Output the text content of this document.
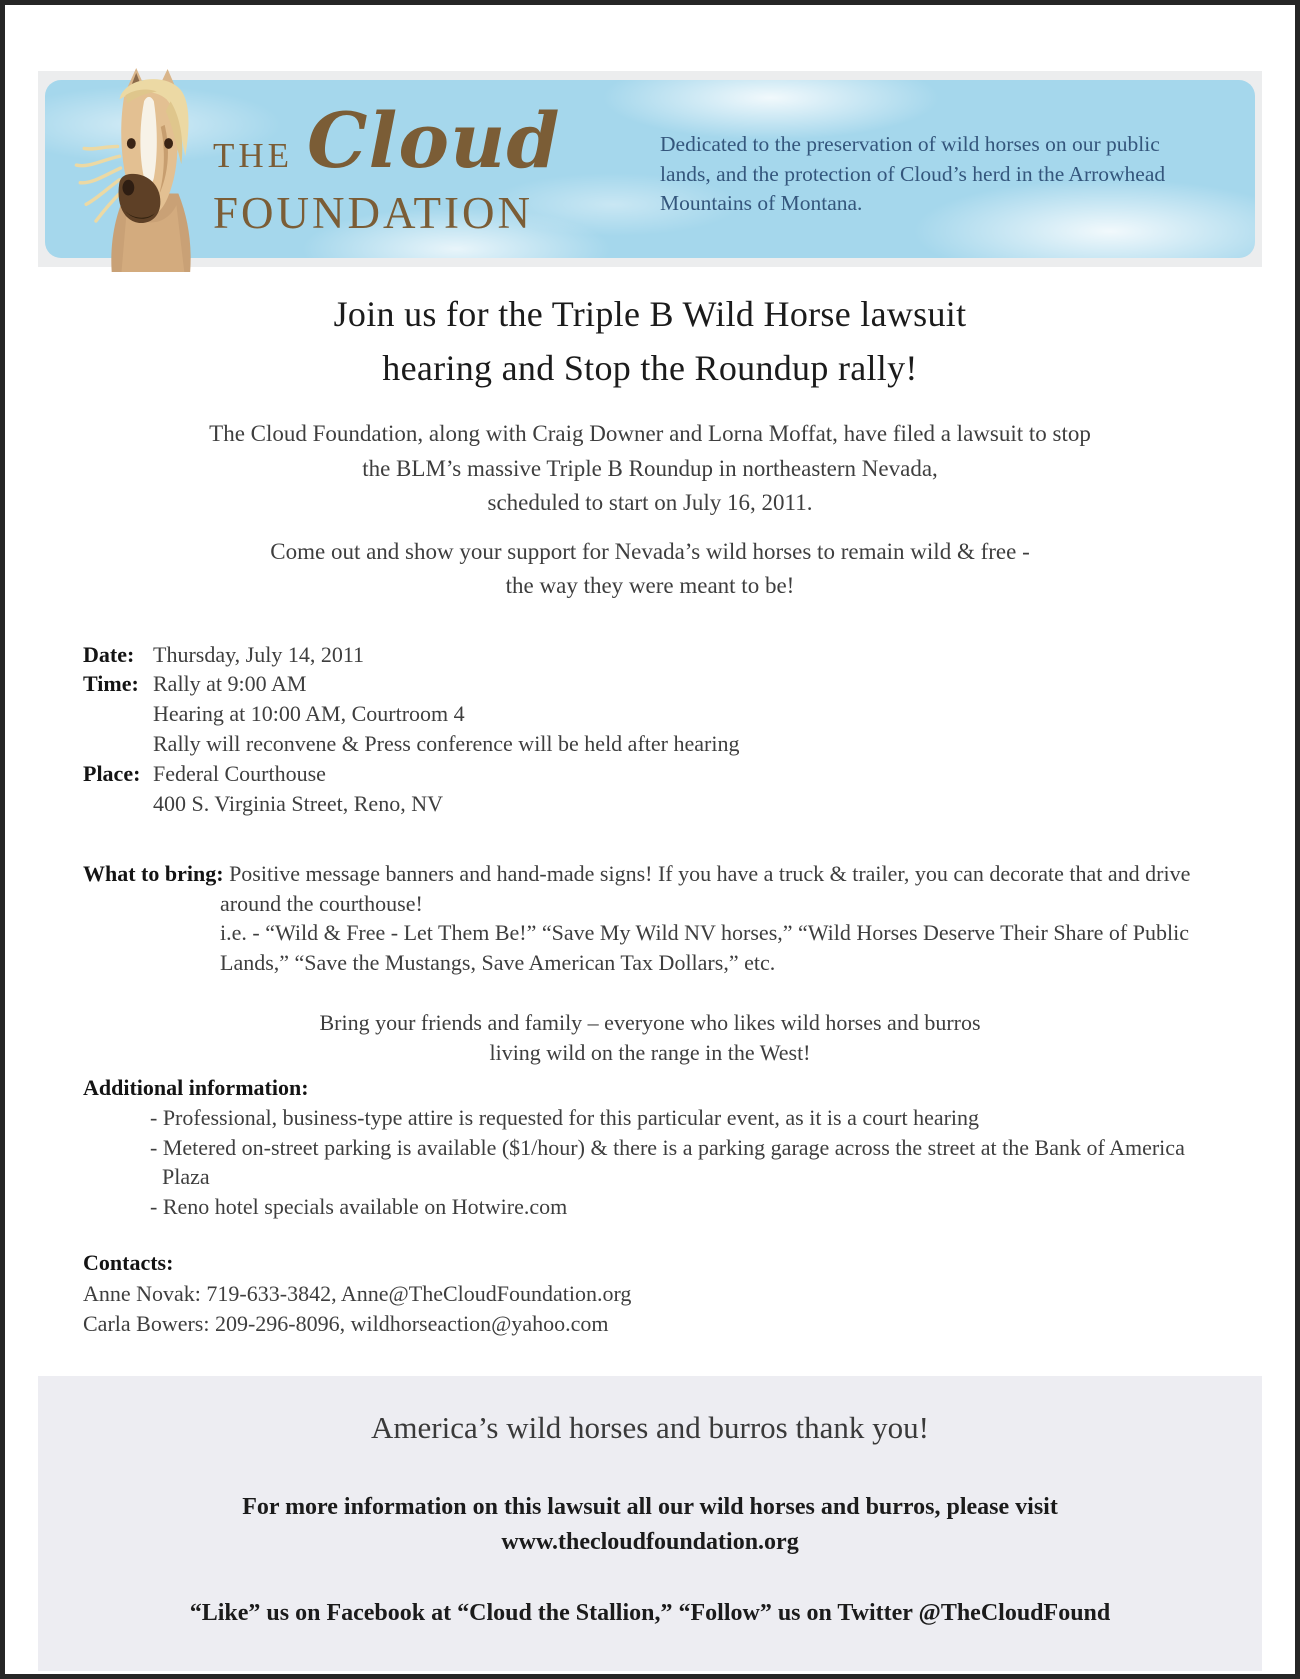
THE Cloud
FOUNDATION
Dedicated to the preservation of wild horses on our public lands, and the protection of Cloud’s herd in the Arrowhead Mountains of Montana.
Join us for the Triple B Wild Horse lawsuit
hearing and Stop the Roundup rally!
The Cloud Foundation, along with Craig Downer and Lorna Moffat, have filed a lawsuit to stop
the BLM’s massive Triple B Roundup in northeastern Nevada,
scheduled to start on July 16, 2011.
Come out and show your support for Nevada’s wild horses to remain wild & free -
the way they were meant to be!
Date: Thursday, July 14, 2011
Time: Rally at 9:00 AM
Hearing at 10:00 AM, Courtroom 4
Rally will reconvene & Press conference will be held after hearing
Place: Federal Courthouse
400 S. Virginia Street, Reno, NV
What to bring: Positive message banners and hand-made signs! If you have a truck & trailer, you can decorate that and drive around the courthouse!
i.e. - “Wild & Free - Let Them Be!” “Save My Wild NV horses,” “Wild Horses Deserve Their Share of Public Lands,” “Save the Mustangs, Save American Tax Dollars,” etc.
Bring your friends and family – everyone who likes wild horses and burros
living wild on the range in the West!
Additional information:
- Professional, business-type attire is requested for this particular event, as it is a court hearing
- Metered on-street parking is available ($1/hour) & there is a parking garage across the street at the Bank of America Plaza
- Reno hotel specials available on Hotwire.com
Contacts:
Anne Novak: 719-633-3842, Anne@TheCloudFoundation.org
Carla Bowers: 209-296-8096, wildhorseaction@yahoo.com
America’s wild horses and burros thank you!
For more information on this lawsuit all our wild horses and burros, please visit
www.thecloudfoundation.org
“Like” us on Facebook at “Cloud the Stallion,” “Follow” us on Twitter @TheCloudFound
